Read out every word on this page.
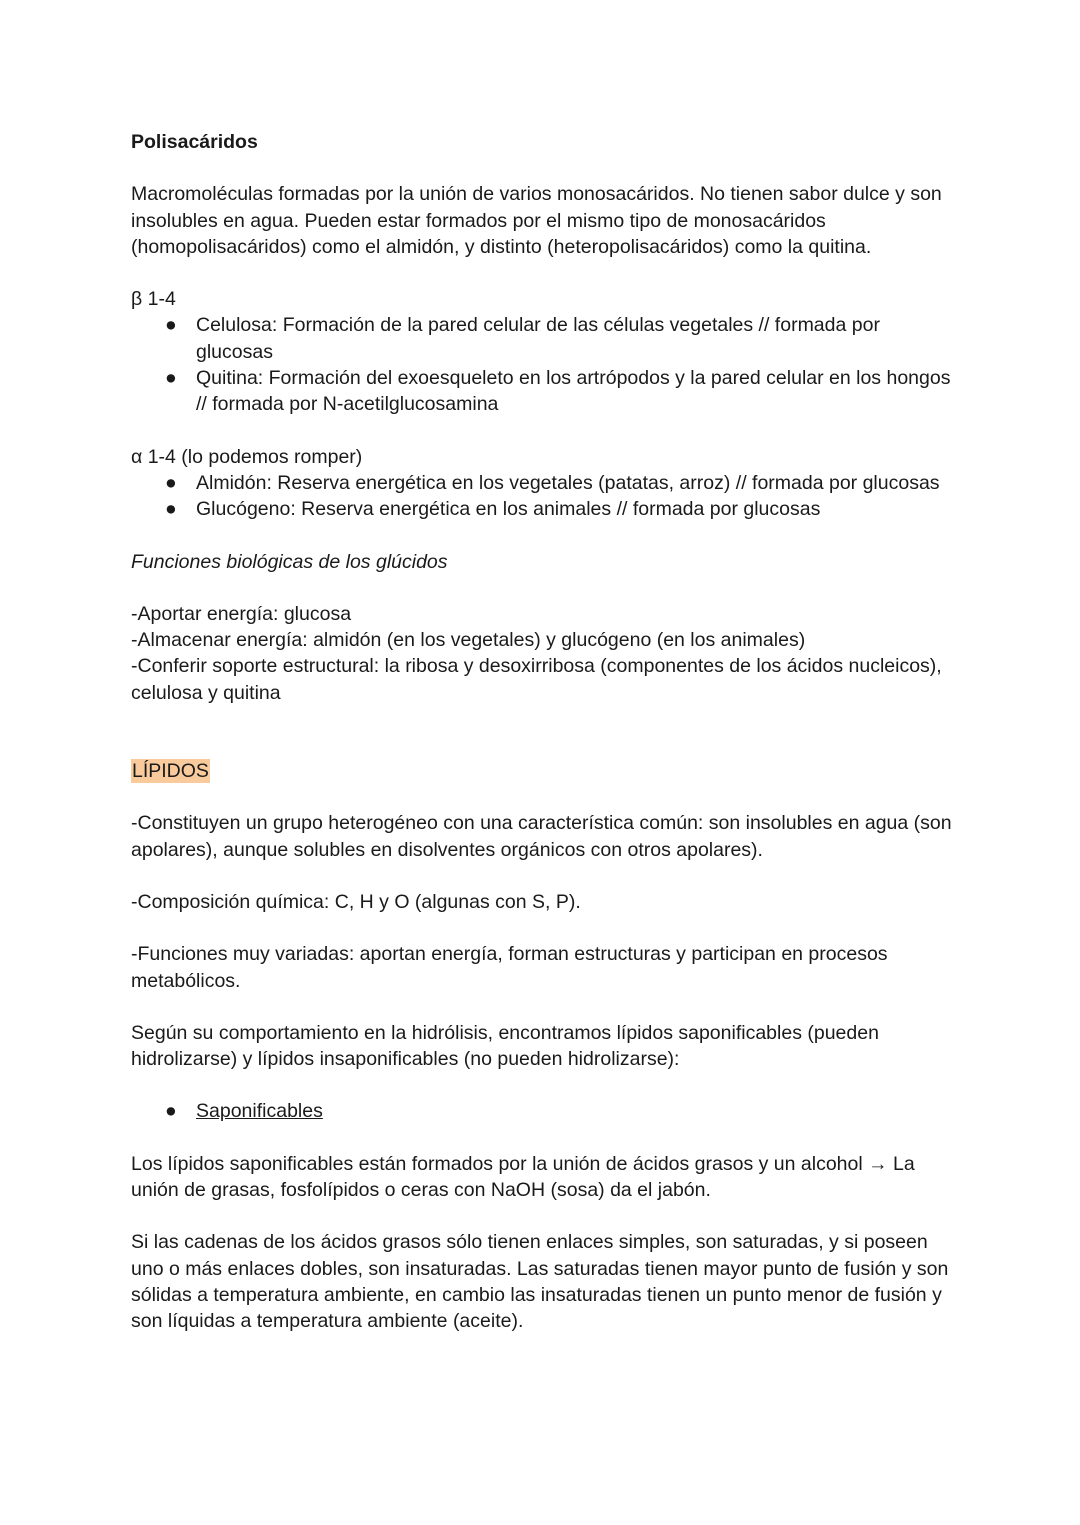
Polisacáridos

Macromoléculas formadas por la unión de varios monosacáridos. No tienen sabor dulce y son insolubles en agua. Pueden estar formados por el mismo tipo de monosacáridos (homopolisacáridos) como el almidón, y distinto (heteropolisacáridos) como la quitina.

β 1-4

● Celulosa: Formación de la pared celular de las células vegetales // formada por glucosas
● Quitina: Formación del exoesqueleto en los artrópodos y la pared celular en los hongos // formada por N-acetilglucosamina

α 1-4 (lo podemos romper)

● Almidón: Reserva energética en los vegetales (patatas, arroz) // formada por glucosas
● Glucógeno: Reserva energética en los animales // formada por glucosas

Funciones biológicas de los glúcidos

-Aportar energía: glucosa

-Almacenar energía: almidón (en los vegetales) y glucógeno (en los animales)

-Conferir soporte estructural: la ribosa y desoxirribosa (componentes de los ácidos nucleicos), celulosa y quitina

LÍPIDOS

-Constituyen un grupo heterogéneo con una característica común: son insolubles en agua (son apolares), aunque solubles en disolventes orgánicos con otros apolares).

-Composición química: C, H y O (algunas con S, P).

-Funciones muy variadas: aportan energía, forman estructuras y participan en procesos metabólicos.

Según su comportamiento en la hidrólisis, encontramos lípidos saponificables (pueden hidrolizarse) y lípidos insaponificables (no pueden hidrolizarse):

● Saponificables

Los lípidos saponificables están formados por la unión de ácidos grasos y un alcohol → La unión de grasas, fosfolípidos o ceras con NaOH (sosa) da el jabón.

Si las cadenas de los ácidos grasos sólo tienen enlaces simples, son saturadas, y si poseen uno o más enlaces dobles, son insaturadas. Las saturadas tienen mayor punto de fusión y son sólidas a temperatura ambiente, en cambio las insaturadas tienen un punto menor de fusión y son líquidas a temperatura ambiente (aceite).
